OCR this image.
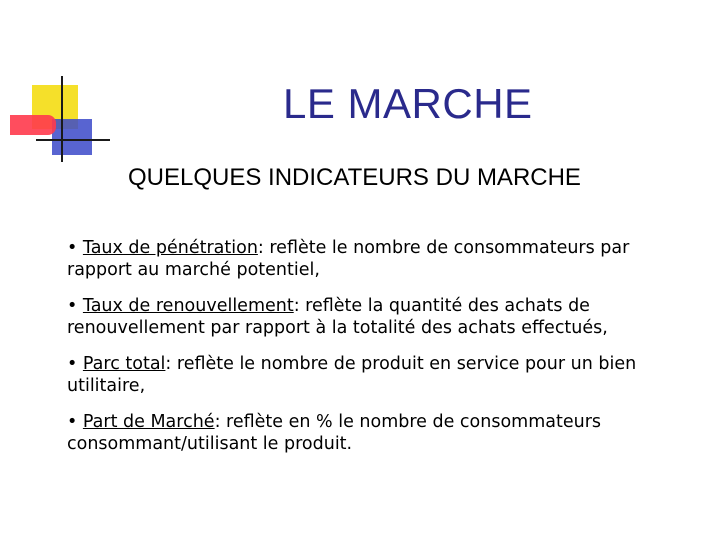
LE MARCHE
QUELQUES INDICATEURS DU MARCHE
• Taux de pénétration: reflète le nombre de consommateurs par rapport au marché potentiel,
• Taux de renouvellement: reflète la quantité des achats de renouvellement par rapport à la totalité des achats effectués,
• Parc total: reflète le nombre de produit en service pour un bien utilitaire,
• Part de Marché: reflète en % le nombre de consommateurs consommant/utilisant le produit.
